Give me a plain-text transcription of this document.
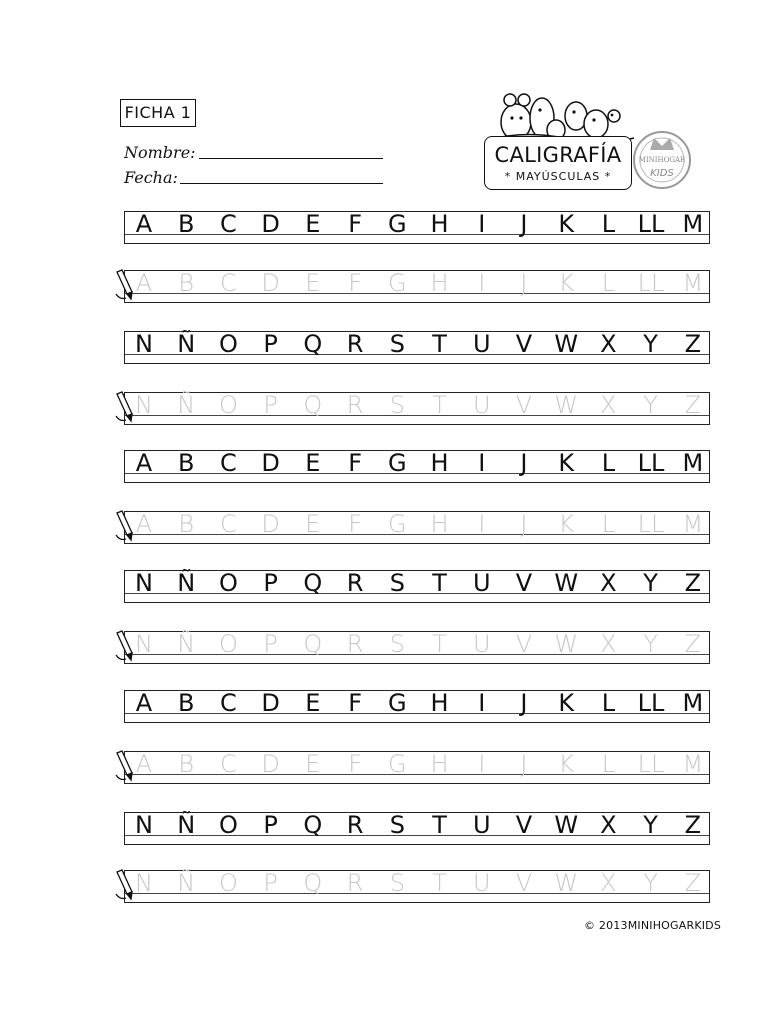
FICHA 1
Nombre:
Fecha:
CALIGRAFÍA
* MAYÚSCULAS *
MINIHOGAR
KIDS
A B C D E F G H	I	J	K L LL M
A B C D E F G H	I	J	K L LL M
N Ñ O P Q R S T U V W X Y Z
N Ñ O P Q R S T U V W X Y Z
A B C D E F G H	I	J	K L LL M
A B C D E F G H	I	J	K L LL M
N Ñ O P Q R S T U V W X Y Z
N Ñ O P Q R S T U V W X Y Z
A B C D E F G H	I	J	K L LL M
A B C D E F G H	I	J	K L LL M
N Ñ O P Q R S T U V W X Y Z
N Ñ O P Q R S T U V W X Y Z
© 2013MINIHOGARKIDS
